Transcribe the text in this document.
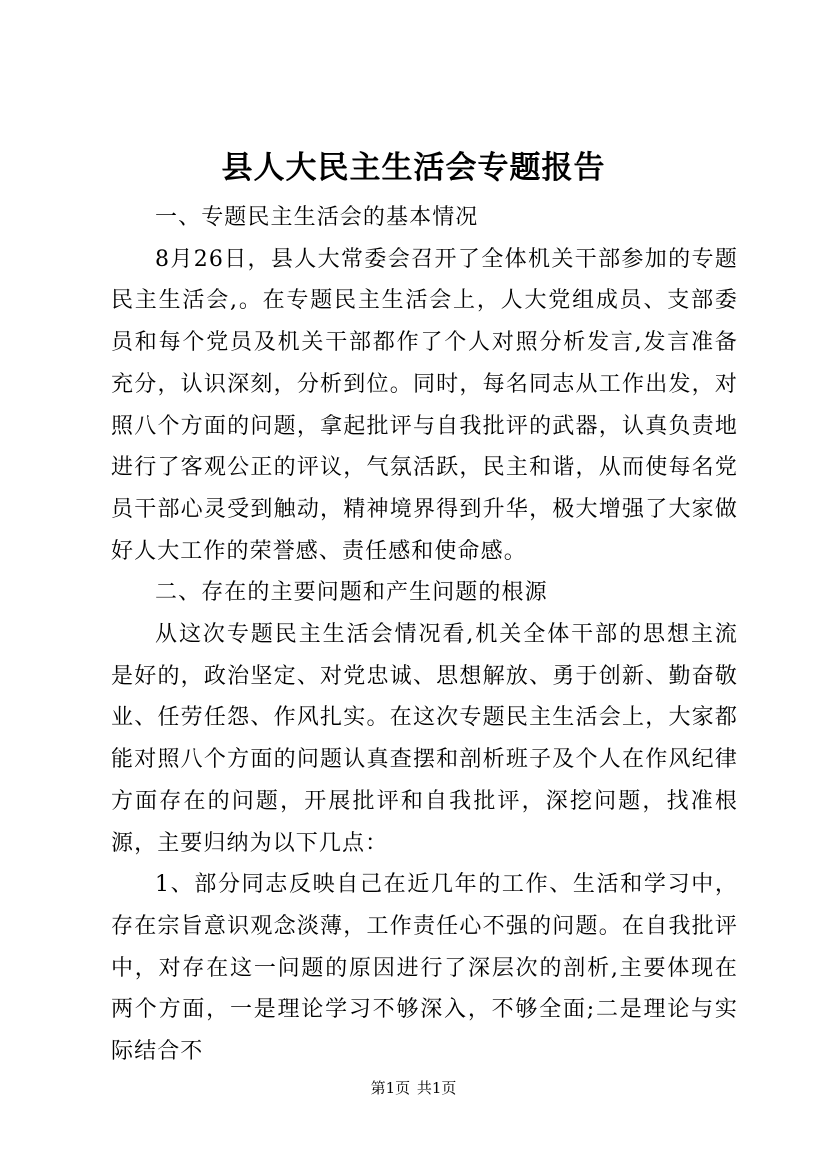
县人大民主生活会专题报告

一、专题民主生活会的基本情况

8月26日，县人大常委会召开了全体机关干部参加的专题民主生活会,。在专题民主生活会上，人大党组成员、支部委员和每个党员及机关干部都作了个人对照分析发言,发言准备充分，认识深刻，分析到位。同时，每名同志从工作出发，对照八个方面的问题，拿起批评与自我批评的武器，认真负责地进行了客观公正的评议，气氛活跃，民主和谐，从而使每名党员干部心灵受到触动，精神境界得到升华，极大增强了大家做好人大工作的荣誉感、责任感和使命感。

二、存在的主要问题和产生问题的根源

从这次专题民主生活会情况看,机关全体干部的思想主流是好的，政治坚定、对党忠诚、思想解放、勇于创新、勤奋敬业、任劳任怨、作风扎实。在这次专题民主生活会上，大家都能对照八个方面的问题认真查摆和剖析班子及个人在作风纪律方面存在的问题，开展批评和自我批评，深挖问题，找准根源，主要归纳为以下几点：

1、部分同志反映自己在近几年的工作、生活和学习中，存在宗旨意识观念淡薄，工作责任心不强的问题。在自我批评中，对存在这一问题的原因进行了深层次的剖析,主要体现在两个方面，一是理论学习不够深入，不够全面;二是理论与实际结合不

第1页 共1页
